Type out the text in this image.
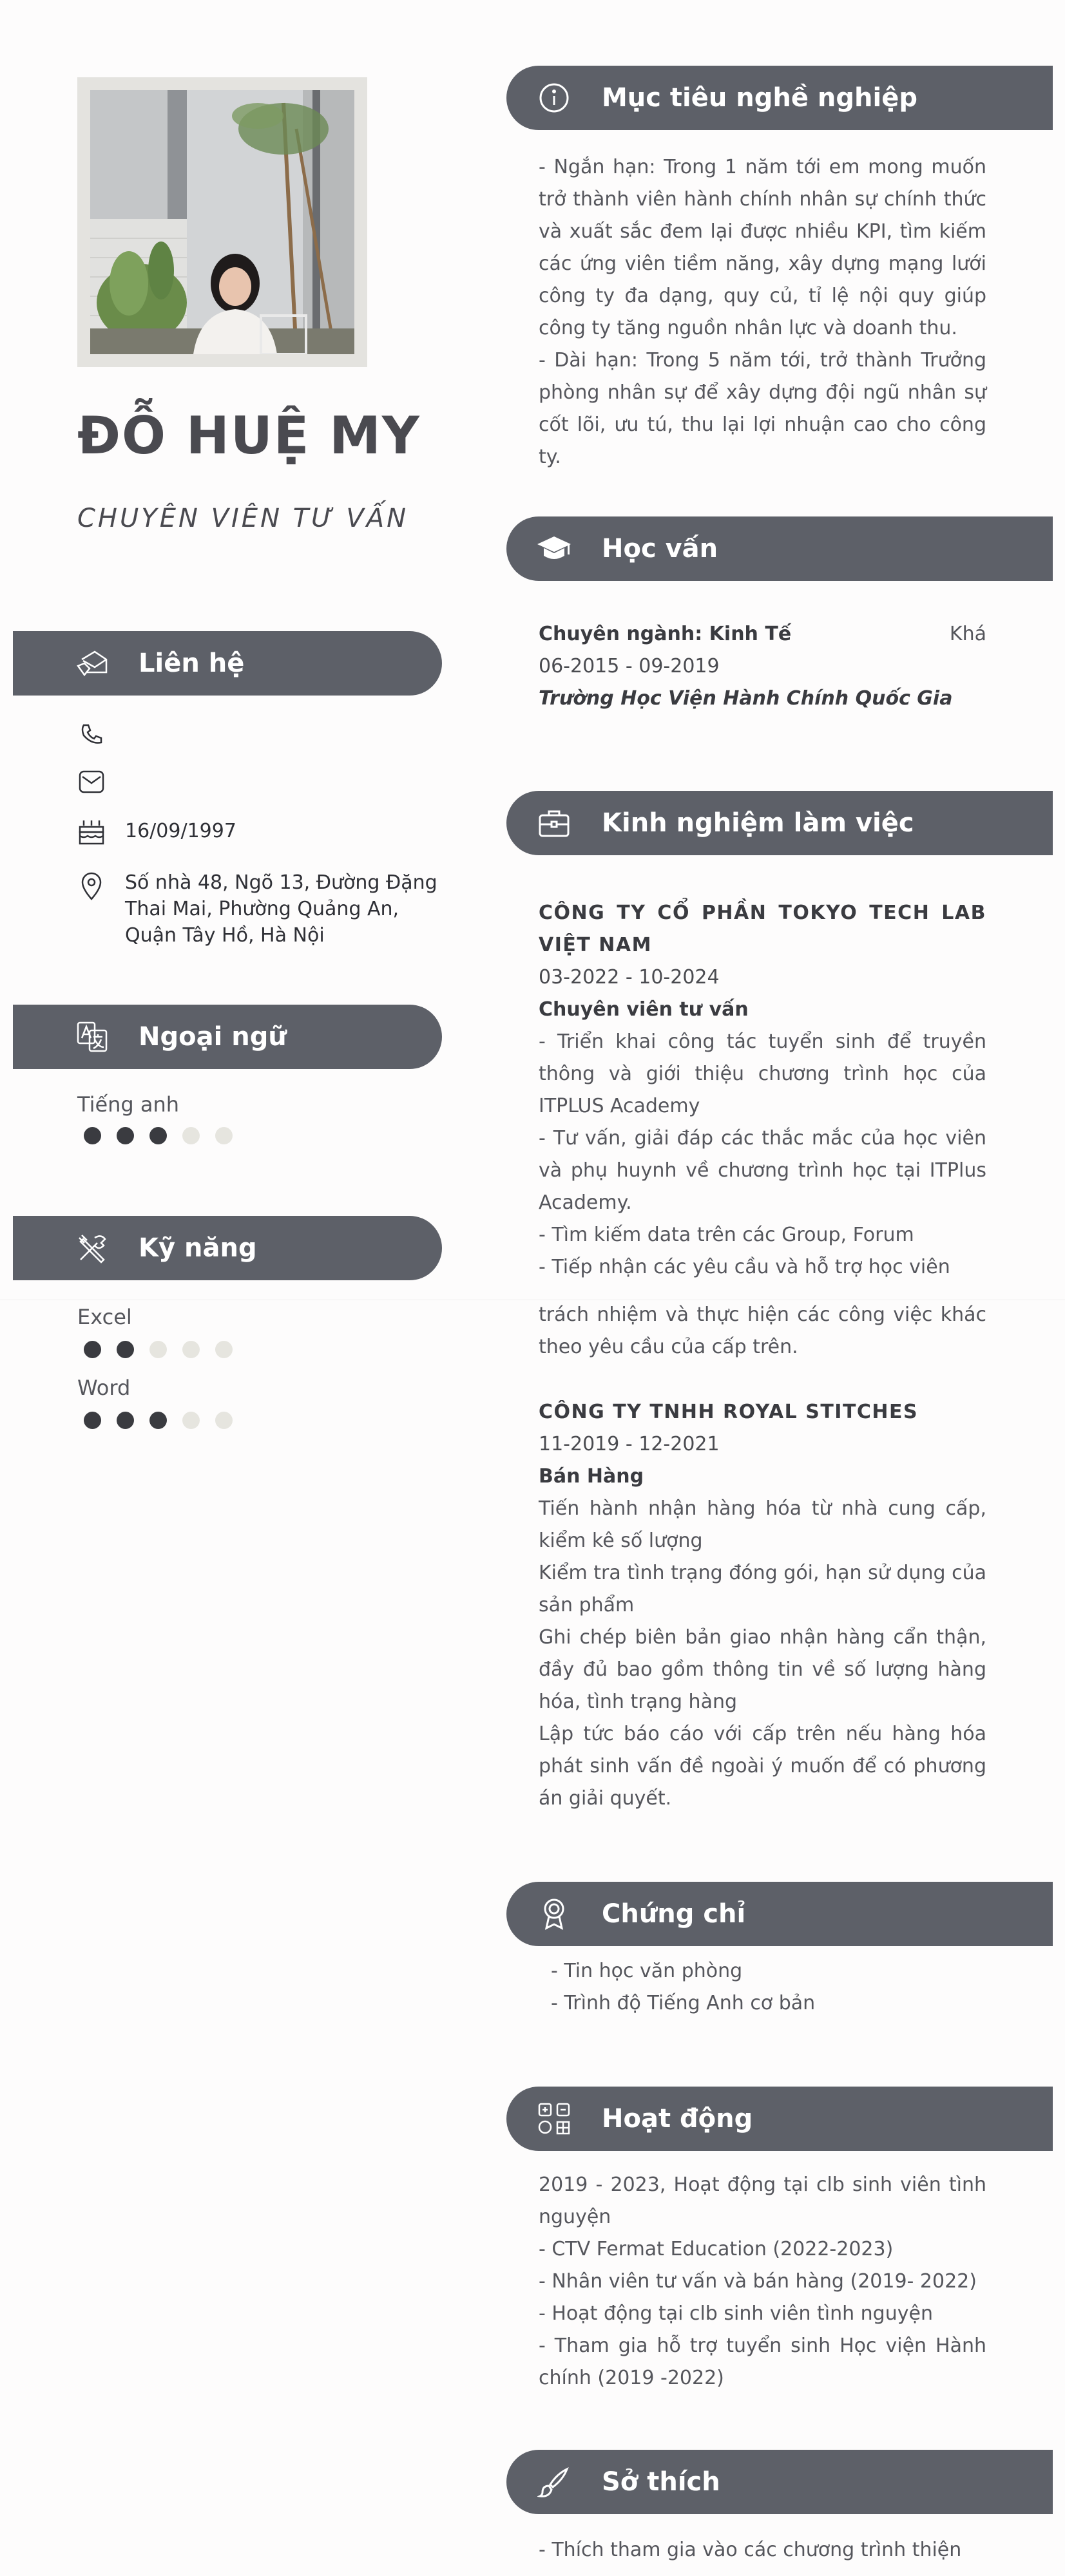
ĐỖ HUỆ MY
CHUYÊN VIÊN TƯ VẤN
Liên hệ
16/09/1997
Số nhà 48, Ngõ 13, Đường Đặng Thai Mai, Phường Quảng An, Quận Tây Hồ, Hà Nội
Ngoại ngữ
Tiếng anh
Kỹ năng
Excel
Word
Mục tiêu nghề nghiệp

- Ngắn hạn: Trong 1 năm tới em mong muốn trở thành viên hành chính nhân sự chính thức và xuất sắc đem lại được nhiều KPI, tìm kiếm các ứng viên tiềm năng, xây dựng mạng lưới công ty đa dạng, quy củ, tỉ lệ nội quy giúp công ty tăng nguồn nhân lực và doanh thu.

- Dài hạn: Trong 5 năm tới, trở thành Trưởng phòng nhân sự để xây dựng đội ngũ nhân sự cốt lõi, ưu tú, thu lại lợi nhuận cao cho công ty.

Học vấn
Chuyên ngành: Kinh Tế	Khá
06-2015 - 09-2019
Trường Học Viện Hành Chính Quốc Gia
Kinh nghiệm làm việc
CÔNG TY CỔ PHẦN TOKYO TECH LAB VIỆT NAM
03-2022 - 10-2024
Chuyên viên tư vấn

- Triển khai công tác tuyển sinh để truyền thông và giới thiệu chương trình học của ITPLUS Academy

- Tư vấn, giải đáp các thắc mắc của học viên và phụ huynh về chương trình học tại ITPlus Academy.

- Tìm kiếm data trên các Group, Forum

- Tiếp nhận các yêu cầu và hỗ trợ học viên

trách nhiệm và thực hiện các công việc khác theo yêu cầu của cấp trên.

CÔNG TY TNHH ROYAL STITCHES
11-2019 - 12-2021
Bán Hàng

Tiến hành nhận hàng hóa từ nhà cung cấp, kiểm kê số lượng

Kiểm tra tình trạng đóng gói, hạn sử dụng của sản phẩm

Ghi chép biên bản giao nhận hàng cẩn thận, đầy đủ bao gồm thông tin về số lượng hàng hóa, tình trạng hàng

Lập tức báo cáo với cấp trên nếu hàng hóa phát sinh vấn đề ngoài ý muốn để có phương án giải quyết.

Chứng chỉ

- Tin học văn phòng

- Trình độ Tiếng Anh cơ bản

Hoạt động

2019 - 2023, Hoạt động tại clb sinh viên tình nguyện

- CTV Fermat Education (2022-2023)

- Nhân viên tư vấn và bán hàng (2019- 2022)

- Hoạt động tại clb sinh viên tình nguyện

- Tham gia hỗ trợ tuyển sinh Học viện Hành chính (2019 -2022)

Sở thích

- Thích tham gia vào các chương trình thiện
